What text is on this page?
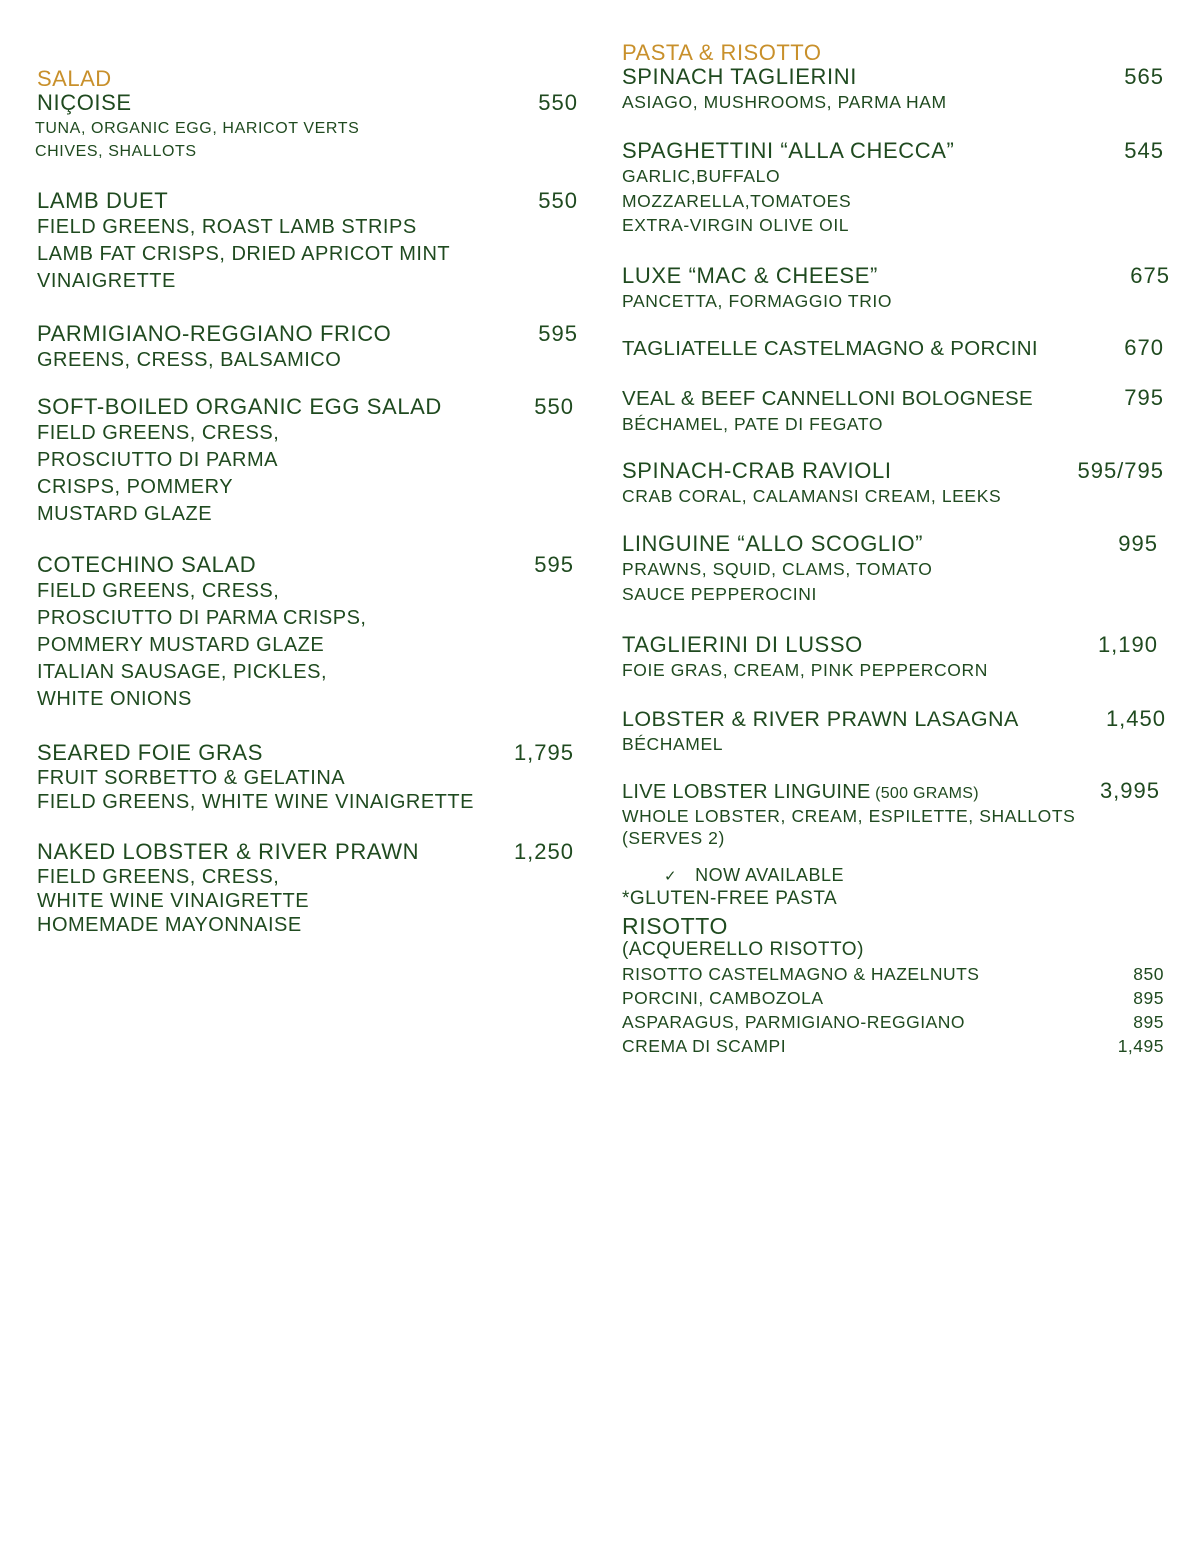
SALAD
NIÇOISE	550
TUNA, ORGANIC EGG, HARICOT VERTS
CHIVES, SHALLOTS
LAMB DUET	550
FIELD GREENS, ROAST LAMB STRIPS
LAMB FAT CRISPS, DRIED APRICOT MINT
VINAIGRETTE
PARMIGIANO-REGGIANO FRICO	595
GREENS, CRESS, BALSAMICO
SOFT-BOILED ORGANIC EGG SALAD	550
FIELD GREENS, CRESS,
PROSCIUTTO DI PARMA
CRISPS, POMMERY
MUSTARD GLAZE
COTECHINO SALAD	595
FIELD GREENS, CRESS,
PROSCIUTTO DI PARMA CRISPS,
POMMERY MUSTARD GLAZE
ITALIAN SAUSAGE, PICKLES,
WHITE ONIONS
SEARED FOIE GRAS	1,795
FRUIT SORBETTO & GELATINA
FIELD GREENS, WHITE WINE VINAIGRETTE
NAKED LOBSTER & RIVER PRAWN	1,250
FIELD GREENS, CRESS,
WHITE WINE VINAIGRETTE
HOMEMADE MAYONNAISE
PASTA & RISOTTO
SPINACH TAGLIERINI	565
ASIAGO, MUSHROOMS, PARMA HAM
SPAGHETTINI “ALLA CHECCA”	545
GARLIC,BUFFALO
MOZZARELLA,TOMATOES
EXTRA-VIRGIN OLIVE OIL
LUXE “MAC & CHEESE”	675
PANCETTA, FORMAGGIO TRIO
TAGLIATELLE CASTELMAGNO & PORCINI	670
VEAL & BEEF CANNELLONI BOLOGNESE	795
BÉCHAMEL, PATE DI FEGATO
SPINACH-CRAB RAVIOLI	595/795
CRAB CORAL, CALAMANSI CREAM, LEEKS
LINGUINE “ALLO SCOGLIO”	995
PRAWNS, SQUID, CLAMS, TOMATO
SAUCE PEPPEROCINI
TAGLIERINI DI LUSSO	1,190
FOIE GRAS, CREAM, PINK PEPPERCORN
LOBSTER & RIVER PRAWN LASAGNA	1,450
BÉCHAMEL
LIVE LOBSTER LINGUINE (500 GRAMS)	3,995
WHOLE LOBSTER, CREAM, ESPILETTE, SHALLOTS
(SERVES 2)
✓ NOW AVAILABLE
*GLUTEN-FREE PASTA
RISOTTO
(ACQUERELLO RISOTTO)
RISOTTO CASTELMAGNO & HAZELNUTS	850
PORCINI, CAMBOZOLA	895
ASPARAGUS, PARMIGIANO-REGGIANO	895
CREMA DI SCAMPI	1,495
